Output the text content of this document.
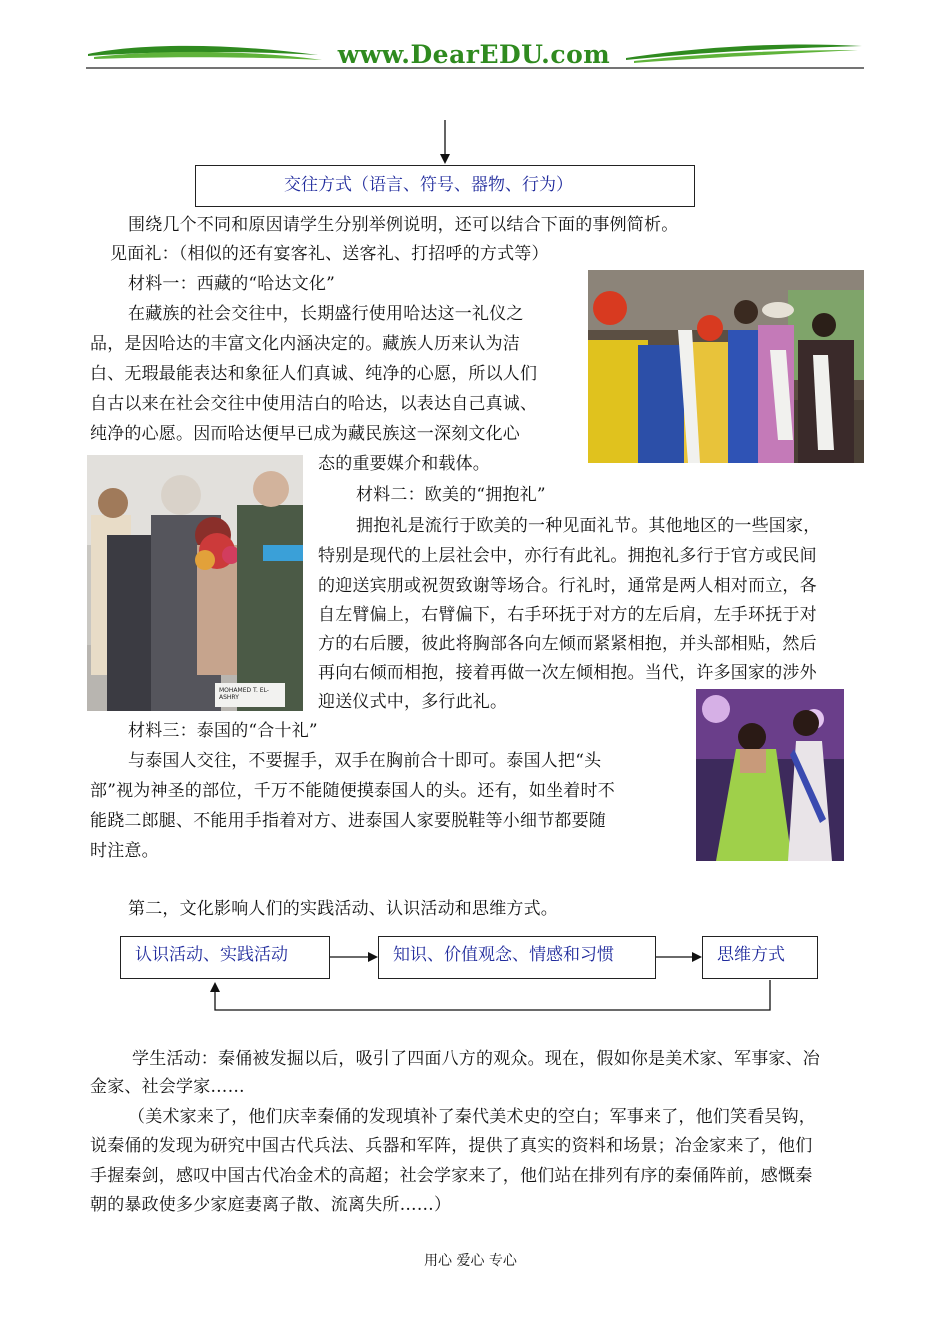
www.DearEDU.com
交往方式（语言、符号、器物、行为）
围绕几个不同和原因请学生分别举例说明，还可以结合下面的事例简析。
见面礼：（相似的还有宴客礼、送客礼、打招呼的方式等）
材料一：西藏的“哈达文化”
在藏族的社会交往中，长期盛行使用哈达这一礼仪之
品，是因哈达的丰富文化内涵决定的。藏族人历来认为洁
白、无瑕最能表达和象征人们真诚、纯净的心愿，所以人们
自古以来在社会交往中使用洁白的哈达，以表达自己真诚、
纯净的心愿。因而哈达便早已成为藏民族这一深刻文化心
态的重要媒介和载体。
MOHAMED T. EL-ASHRY
材料二：欧美的“拥抱礼”
拥抱礼是流行于欧美的一种见面礼节。其他地区的一些国家，
特别是现代的上层社会中，亦行有此礼。拥抱礼多行于官方或民间
的迎送宾朋或祝贺致谢等场合。行礼时，通常是两人相对而立，各
自左臂偏上，右臂偏下，右手环抚于对方的左后肩，左手环抚于对
方的右后腰，彼此将胸部各向左倾而紧紧相抱，并头部相贴，然后
再向右倾而相抱，接着再做一次左倾相抱。当代，许多国家的涉外
迎送仪式中，多行此礼。
材料三：泰国的“合十礼”
与泰国人交往，不要握手，双手在胸前合十即可。泰国人把“头
部”视为神圣的部位，千万不能随便摸泰国人的头。还有，如坐着时不
能跷二郎腿、不能用手指着对方、进泰国人家要脱鞋等小细节都要随
时注意。
第二，文化影响人们的实践活动、认识活动和思维方式。
认识活动、实践活动	知识、价值观念、情感和习惯	思维方式
学生活动：秦俑被发掘以后，吸引了四面八方的观众。现在，假如你是美术家、军事家、冶
金家、社会学家……
（美术家来了，他们庆幸秦俑的发现填补了秦代美术史的空白；军事来了，他们笑看吴钩，
说秦俑的发现为研究中国古代兵法、兵器和军阵，提供了真实的资料和场景；冶金家来了，他们
手握秦剑，感叹中国古代冶金术的高超；社会学家来了，他们站在排列有序的秦俑阵前，感慨秦
朝的暴政使多少家庭妻离子散、流离失所……）
用心 爱心 专心
